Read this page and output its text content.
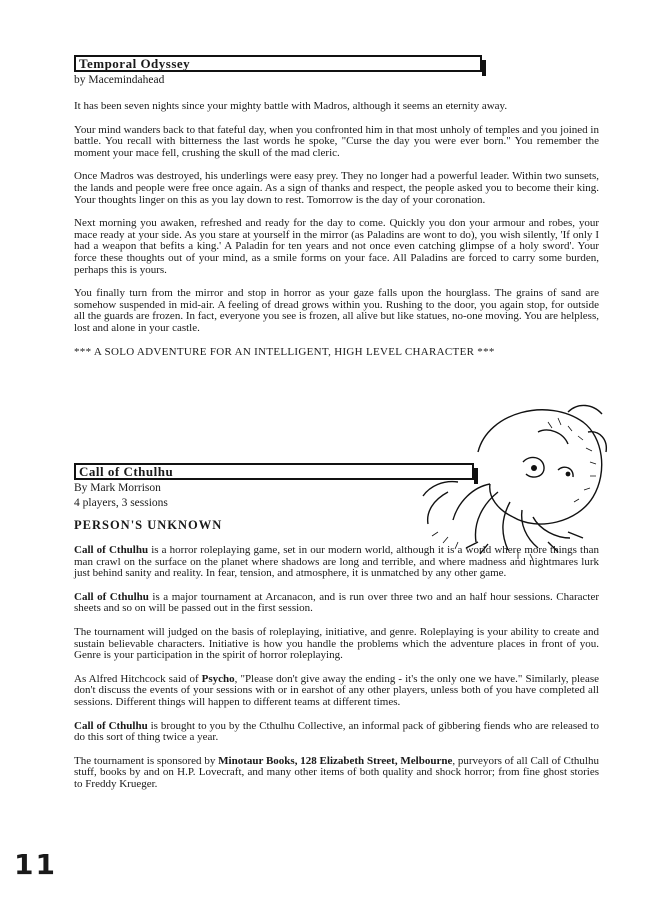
Temporal Odyssey
by Macemindahead

It has been seven nights since your mighty battle with Madros, although it seems an eternity away.

Your mind wanders back to that fateful day, when you confronted him in that most unholy of temples and you joined in battle. You recall with bitterness the last words he spoke, "Curse the day you were ever born." You remember the moment your mace fell, crushing the skull of the mad cleric.

Once Madros was destroyed, his underlings were easy prey. They no longer had a powerful leader. Within two sunsets, the lands and people were free once again. As a sign of thanks and respect, the people asked you to become their king. Your thoughts linger on this as you lay down to rest. Tomorrow is the day of your coronation.

Next morning you awaken, refreshed and ready for the day to come. Quickly you don your armour and robes, your mace ready at your side. As you stare at yourself in the mirror (as Paladins are wont to do), you wish silently, 'If only I had a weapon that befits a king.' A Paladin for ten years and not once even catching glimpse of a holy sword'. Your force these thoughts out of your mind, as a smile forms on your face. All Paladins are forced to carry some burden, perhaps this is yours.

You finally turn from the mirror and stop in horror as your gaze falls upon the hourglass. The grains of sand are somehow suspended in mid-air. A feeling of dread grows within you. Rushing to the door, you again stop, for outside all the guards are frozen. In fact, everyone you see is frozen, all alive but like statues, no-one moving. You are helpless, lost and alone in your castle.

*** A SOLO ADVENTURE FOR AN INTELLIGENT, HIGH LEVEL CHARACTER ***

Call of Cthulhu
By Mark Morrison
4 players, 3 sessions
PERSON'S UNKNOWN

Call of Cthulhu is a horror roleplaying game, set in our modern world, although it is a world where more things than man crawl on the surface on the planet where shadows are long and terrible, and where madness and nightmares lurk just behind sanity and reality. In fear, tension, and atmosphere, it is unmatched by any other game.

Call of Cthulhu is a major tournament at Arcanacon, and is run over three two and an half hour sessions. Character sheets and so on will be passed out in the first session.

The tournament will judged on the basis of roleplaying, initiative, and genre. Roleplaying is your ability to create and sustain believable characters. Initiative is how you handle the problems which the adventure places in front of you. Genre is your participation in the spirit of horror roleplaying.

As Alfred Hitchcock said of Psycho, "Please don't give away the ending - it's the only one we have." Similarly, please don't discuss the events of your sessions with or in earshot of any other players, unless both of you have completed all sessions. Different things will happen to different teams at different times.

Call of Cthulhu is brought to you by the Cthulhu Collective, an informal pack of gibbering fiends who are released to do this sort of thing twice a year.

The tournament is sponsored by Minotaur Books, 128 Elizabeth Street, Melbourne, purveyors of all Call of Cthulhu stuff, books by and on H.P. Lovecraft, and many other items of both quality and shock horror; from fine ghost stories to Freddy Krueger.

11
